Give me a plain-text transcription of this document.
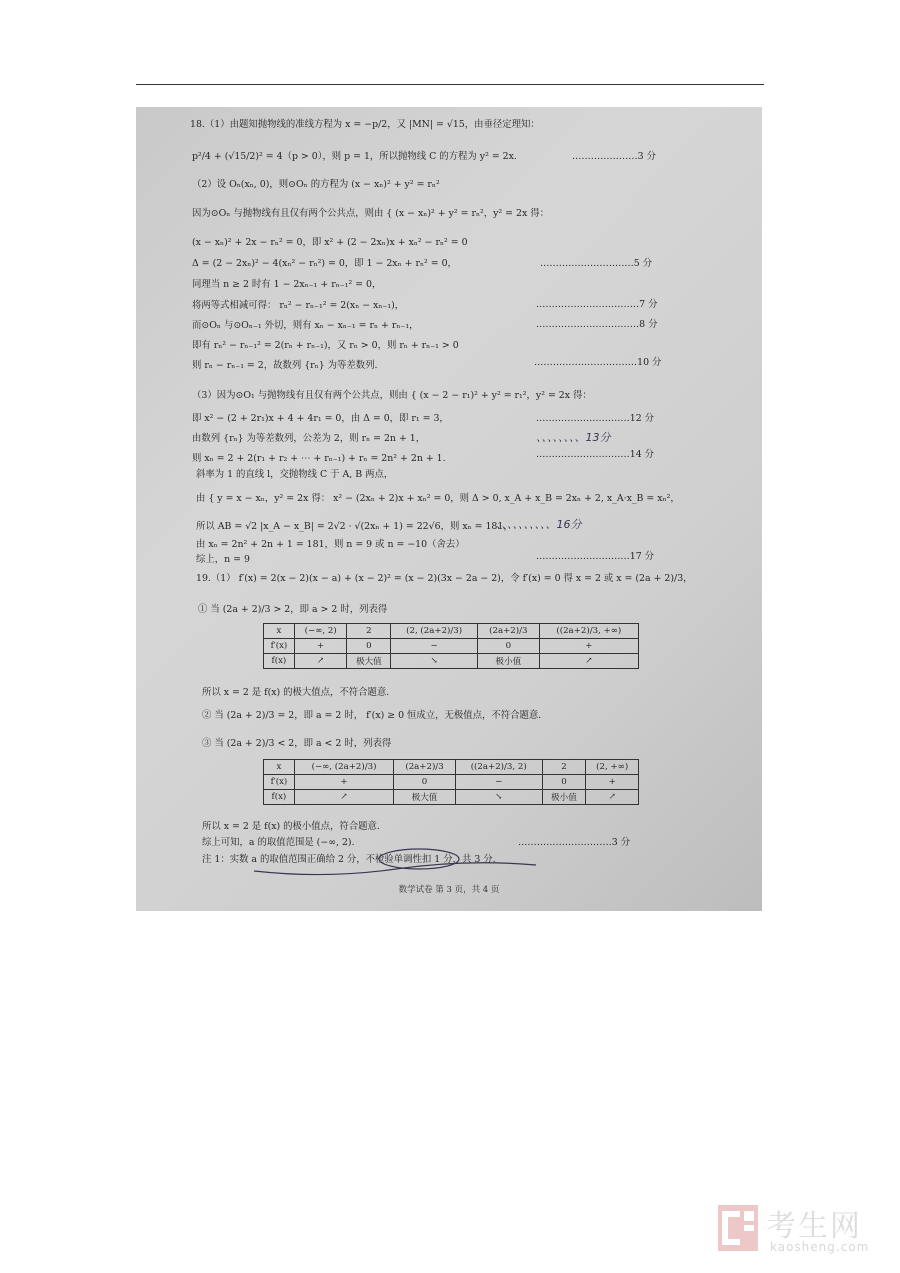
18.（1）由题知抛物线的准线方程为 x = −p/2，又 |MN| = √15，由垂径定理知：
p²/4 + (√15/2)² = 4（p > 0），则 p = 1，所以抛物线 C 的方程为 y² = 2x.	…………………3 分
（2）设 Oₙ(xₙ, 0)，则⊙Oₙ 的方程为 (x − xₙ)² + y² = rₙ²
因为⊙Oₙ 与抛物线有且仅有两个公共点，则由 { (x − xₙ)² + y² = rₙ²，y² = 2x 得：
(x − xₙ)² + 2x − rₙ² = 0，即 x² + (2 − 2xₙ)x + xₙ² − rₙ² = 0
Δ = (2 − 2xₙ)² − 4(xₙ² − rₙ²) = 0，即 1 − 2xₙ + rₙ² = 0，	…………………………5 分
同理当 n ≥ 2 时有 1 − 2xₙ₋₁ + rₙ₋₁² = 0，
将两等式相减可得： rₙ² − rₙ₋₁² = 2(xₙ − xₙ₋₁)，	……………………………7 分
而⊙Oₙ 与⊙Oₙ₋₁ 外切，则有 xₙ − xₙ₋₁ = rₙ + rₙ₋₁，	……………………………8 分
即有 rₙ² − rₙ₋₁² = 2(rₙ + rₙ₋₁)，又 rₙ > 0，则 rₙ + rₙ₋₁ > 0
则 rₙ − rₙ₋₁ = 2，故数列 {rₙ} 为等差数列.	……………………………10 分
（3）因为⊙O₁ 与抛物线有且仅有两个公共点，则由 { (x − 2 − r₁)² + y² = r₁²，y² = 2x 得：
即 x² − (2 + 2r₁)x + 4 + 4r₁ = 0，由 Δ = 0，即 r₁ = 3，	…………………………12 分
由数列 {rₙ} 为等差数列，公差为 2，则 rₙ = 2n + 1，	、、、、、、、、13分
则 xₙ = 2 + 2(r₁ + r₂ + ⋯ + rₙ₋₁) + rₙ = 2n² + 2n + 1.	…………………………14 分
斜率为 1 的直线 l，交抛物线 C 于 A, B 两点，
由 { y = x − xₙ，y² = 2x 得： x² − (2xₙ + 2)x + xₙ² = 0，则 Δ > 0, x_A + x_B = 2xₙ + 2, x_A·x_B = xₙ²，
所以 AB = √2 |x_A − x_B| = 2√2 · √(2xₙ + 1) = 22√6，则 xₙ = 181，
、、、、、、、、、、16分
由 xₙ = 2n² + 2n + 1 = 181，则 n = 9 或 n = −10（舍去）
综上，n = 9	…………………………17 分
19.（1） f′(x) = 2(x − 2)(x − a) + (x − 2)² = (x − 2)(3x − 2a − 2)，令 f′(x) = 0 得 x = 2 或 x = (2a + 2)/3，
① 当 (2a + 2)/3 > 2，即 a > 2 时，列表得
x	(−∞, 2)	2	(2, (2a+2)/3)	(2a+2)/3	((2a+2)/3, +∞)
f′(x)	+	0	−	0	+
f(x)	↗	极大值	↘	极小值	↗
所以 x = 2 是 f(x) 的极大值点，不符合题意.
② 当 (2a + 2)/3 = 2，即 a = 2 时， f′(x) ≥ 0 恒成立，无极值点，不符合题意.
③ 当 (2a + 2)/3 < 2，即 a < 2 时，列表得
x	(−∞, (2a+2)/3)	(2a+2)/3	((2a+2)/3, 2)	2	(2, +∞)
f′(x)	+	0	−	0	+
f(x)	↗	极大值	↘	极小值	↗
所以 x = 2 是 f(x) 的极小值点，符合题意.
综上可知，a 的取值范围是 (−∞, 2).	…………………………3 分
注 1：实数 a 的取值范围正确给 2 分，不检验单调性扣 1 分，共 3 分.
数学试卷 第 3 页，共 4 页
考生网
kaosheng.com
